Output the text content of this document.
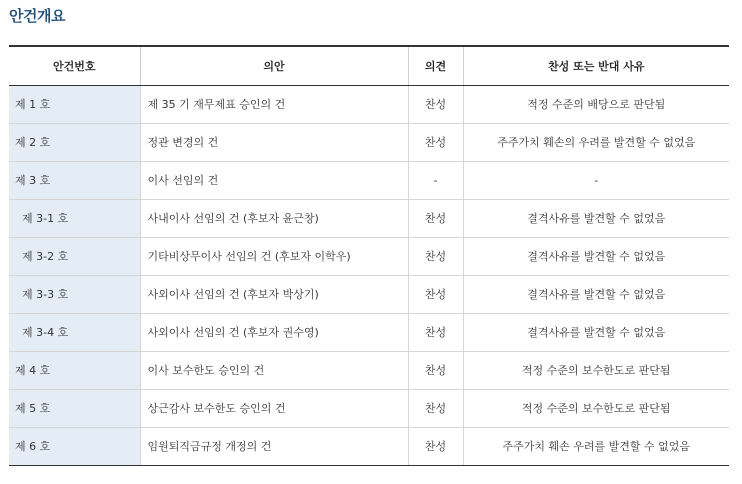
안건개요
안건번호	의안	의견	찬성 또는 반대 사유
제 1 호	제 35 기 재무제표 승인의 건	찬성	적정 수준의 배당으로 판단됨
제 2 호	정관 변경의 건	찬성	주주가치 훼손의 우려를 발견할 수 없었음
제 3 호	이사 선임의 건	-	-
제 3-1 호	사내이사 선임의 건 (후보자 윤근창)	찬성	결격사유를 발견할 수 없었음
제 3-2 호	기타비상무이사 선임의 건 (후보자 이학우)	찬성	결격사유를 발견할 수 없었음
제 3-3 호	사외이사 선임의 건 (후보자 박상기)	찬성	결격사유를 발견할 수 없었음
제 3-4 호	사외이사 선임의 건 (후보자 권수영)	찬성	결격사유를 발견할 수 없었음
제 4 호	이사 보수한도 승인의 건	찬성	적정 수준의 보수한도로 판단됨
제 5 호	상근감사 보수한도 승인의 건	찬성	적정 수준의 보수한도로 판단됨
제 6 호	임원퇴직금규정 개정의 건	찬성	주주가치 훼손 우려를 발견할 수 없었음
